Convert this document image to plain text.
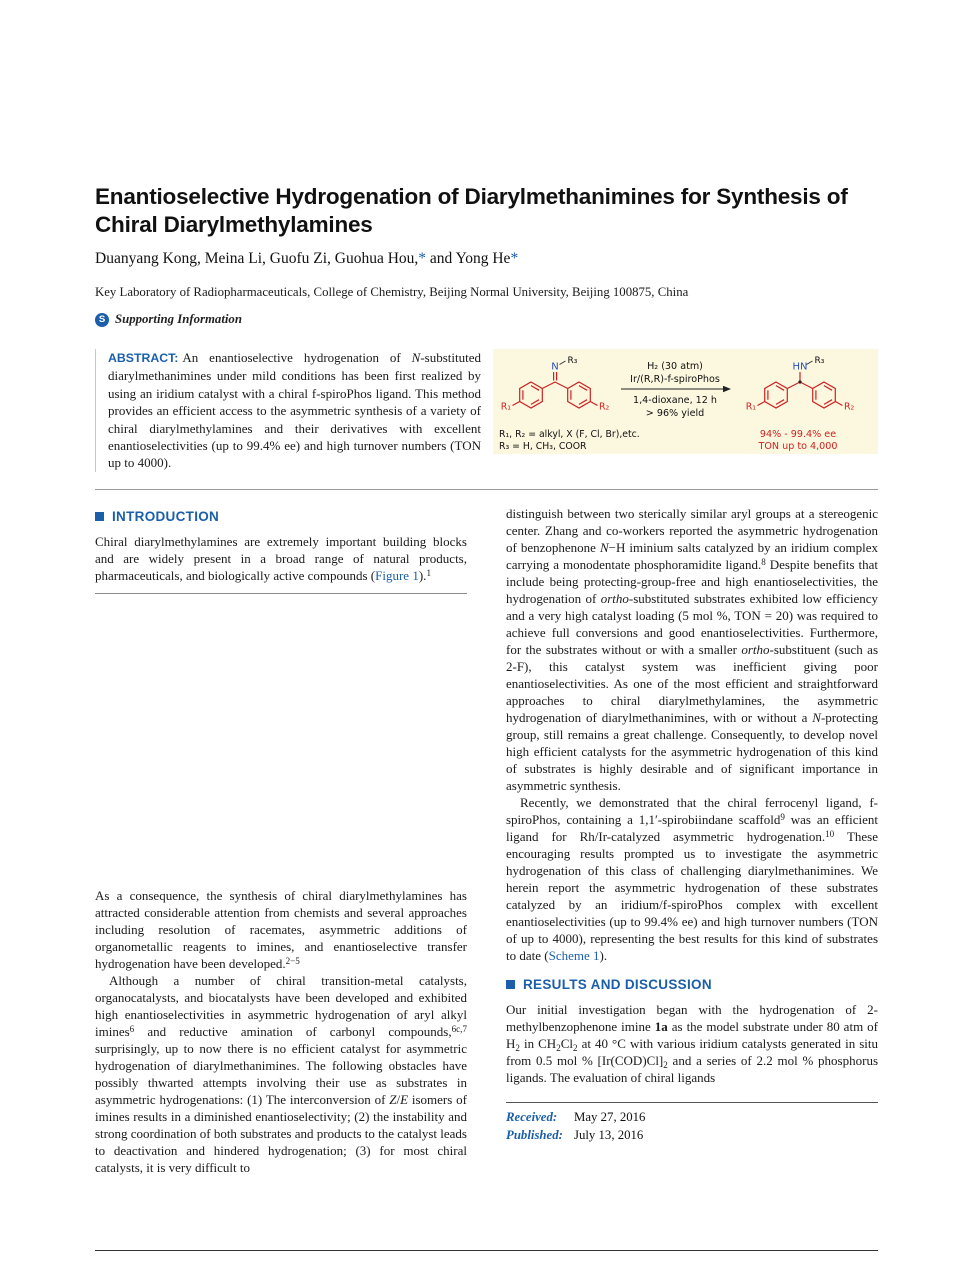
Enantioselective Hydrogenation of Diarylmethanimines for Synthesis of Chiral Diarylmethylamines

Duanyang Kong, Meina Li, Guofu Zi, Guohua Hou,* and Yong He*

Key Laboratory of Radiopharmaceuticals, College of Chemistry, Beijing Normal University, Beijing 100875, China

S Supporting Information
ABSTRACT: An enantioselective hydrogenation of N-substituted diarylmethanimines under mild conditions has been first realized by using an iridium catalyst with a chiral f-spiroPhos ligand. This method provides an efficient access to the asymmetric synthesis of a variety of chiral diarylmethylamines and their derivatives with excellent enantioselectivities (up to 99.4% ee) and high turnover numbers (TON up to 4000).
N
R₃
R₁	R₂
H₂ (30 atm)
Ir/(R,R)-f-spiroPhos
1,4-dioxane, 12 h
> 96% yield
HN
R₃
R₁	R₂
R₁, R₂ = alkyl, X (F, Cl, Br),etc.
R₃ = H, CH₃, COOR
94% - 99.4% ee
TON up to 4,000
INTRODUCTION

Chiral diarylmethylamines are extremely important building blocks and are widely present in a broad range of natural products, pharmaceuticals, and biologically active compounds (Figure 1).$^1$

As a consequence, the synthesis of chiral diarylmethylamines has attracted considerable attention from chemists and several approaches including resolution of racemates, asymmetric additions of organometallic reagents to imines, and enantioselective transfer hydrogenation have been developed.$^{2-5}$

Although a number of chiral transition-metal catalysts, organocatalysts, and biocatalysts have been developed and exhibited high enantioselectivities in asymmetric hydrogenation of aryl alkyl imines$^6$ and reductive amination of carbonyl compounds,$^{6c,7}$ surprisingly, up to now there is no efficient catalyst for asymmetric hydrogenation of diarylmethanimines. The following obstacles have possibly thwarted attempts involving their use as substrates in asymmetric hydrogenations: (1) The interconversion of Z/E isomers of imines results in a diminished enantioselectivity; (2) the instability and strong coordination of both substrates and products to the catalyst leads to deactivation and hindered hydrogenation; (3) for most chiral catalysts, it is very difficult to

distinguish between two sterically similar aryl groups at a stereogenic center. Zhang and co-workers reported the asymmetric hydrogenation of benzophenone N−H iminium salts catalyzed by an iridium complex carrying a monodentate phosphoramidite ligand.$^8$ Despite benefits that include being protecting-group-free and high enantioselectivities, the hydrogenation of ortho-substituted substrates exhibited low efficiency and a very high catalyst loading (5 mol %, TON = 20) was required to achieve full conversions and good enantioselectivities. Furthermore, for the substrates without or with a smaller ortho-substituent (such as 2-F), this catalyst system was inefficient giving poor enantioselectivities. As one of the most efficient and straightforward approaches to chiral diarylmethylamines, the asymmetric hydrogenation of diarylmethanimines, with or without a N-protecting group, still remains a great challenge. Consequently, to develop novel high efficient catalysts for the asymmetric hydrogenation of this kind of substrates is highly desirable and of significant importance in asymmetric synthesis.

Recently, we demonstrated that the chiral ferrocenyl ligand, f-spiroPhos, containing a 1,1′-spirobiindane scaffold$^9$ was an efficient ligand for Rh/Ir-catalyzed asymmetric hydrogenation.$^{10}$ These encouraging results prompted us to investigate the asymmetric hydrogenation of this class of challenging diarylmethanimines. We herein report the asymmetric hydrogenation of these substrates catalyzed by an iridium/f-spiroPhos complex with excellent enantioselectivities (up to 99.4% ee) and high turnover numbers (TON of up to 4000), representing the best results for this kind of substrates to date (Scheme 1).

RESULTS AND DISCUSSION

Our initial investigation began with the hydrogenation of 2-methylbenzophenone imine 1a as the model substrate under 80 atm of $H_2$ in $CH_2Cl_2$ at 40 °C with various iridium catalysts generated in situ from 0.5 mol % $[Ir(COD)Cl]_2$ and a series of 2.2 mol % phosphorus ligands. The evaluation of chiral ligands

Received:	May 27, 2016
Published: July 13, 2016
